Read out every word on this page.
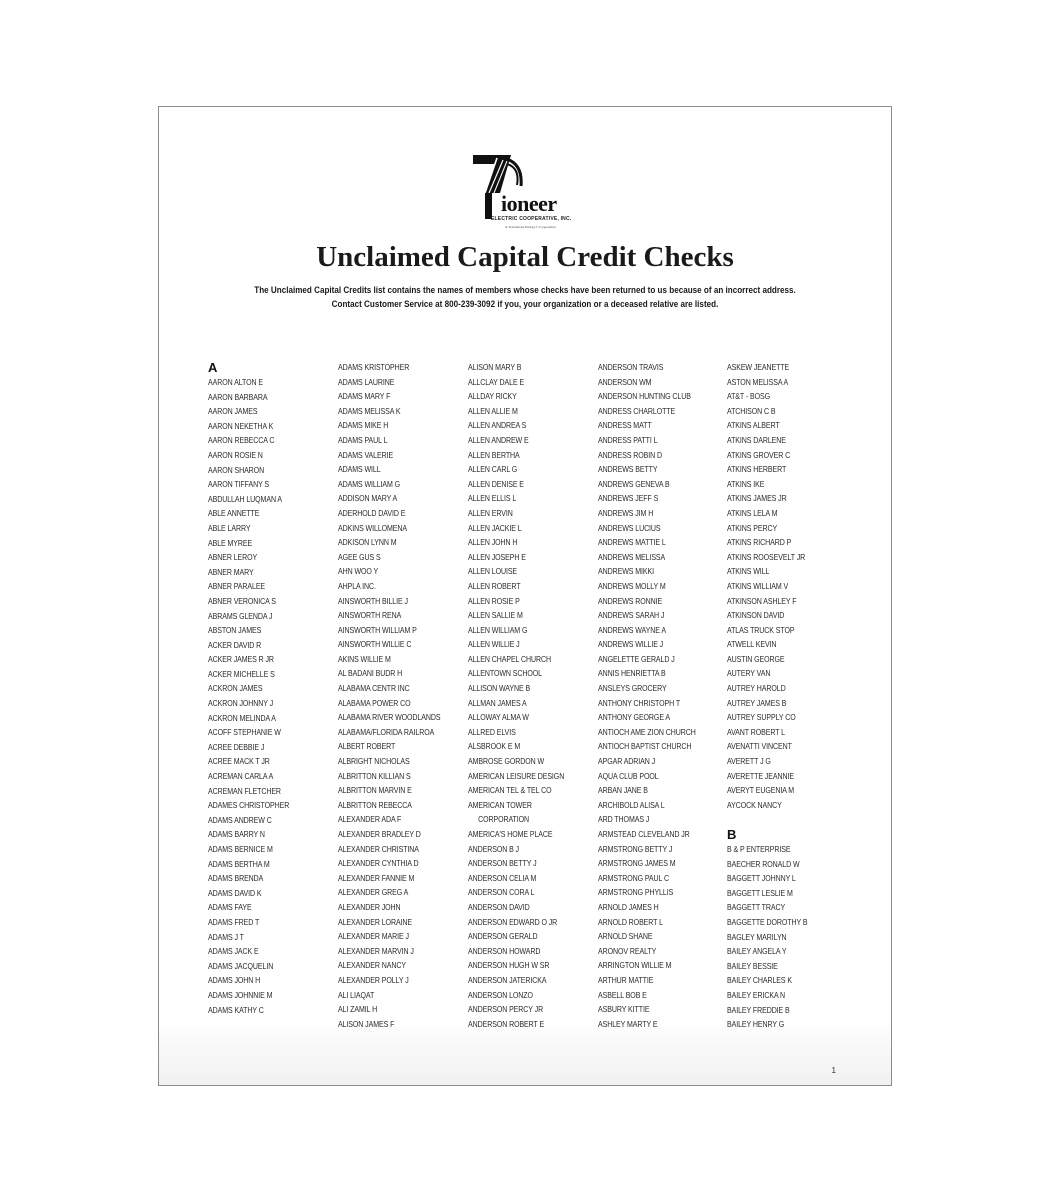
ioneer
ELECTRIC COOPERATIVE, INC.
A Touchstone Energy® Cooperative
Unclaimed Capital Credit Checks
The Unclaimed Capital Credits list contains the names of members whose checks have been returned to us because of an incorrect address.
Contact Customer Service at 800-239-3092 if you, your organization or a deceased relative are listed.
A
AARON ALTON E
AARON BARBARA
AARON JAMES
AARON NEKETHA K
AARON REBECCA C
AARON ROSIE N
AARON SHARON
AARON TIFFANY S
ABDULLAH LUQMAN A
ABLE ANNETTE
ABLE LARRY
ABLE MYREE
ABNER LEROY
ABNER MARY
ABNER PARALEE
ABNER VERONICA S
ABRAMS GLENDA J
ABSTON JAMES
ACKER DAVID R
ACKER JAMES R JR
ACKER MICHELLE S
ACKRON JAMES
ACKRON JOHNNY J
ACKRON MELINDA A
ACOFF STEPHANIE W
ACREE DEBBIE J
ACREE MACK T JR
ACREMAN CARLA A
ACREMAN FLETCHER
ADAMES CHRISTOPHER
ADAMS ANDREW C
ADAMS BARRY N
ADAMS BERNICE M
ADAMS BERTHA M
ADAMS BRENDA
ADAMS DAVID K
ADAMS FAYE
ADAMS FRED T
ADAMS J T
ADAMS JACK E
ADAMS JACQUELIN
ADAMS JOHN H
ADAMS JOHNNIE M
ADAMS KATHY C
ADAMS KRISTOPHER
ADAMS LAURINE
ADAMS MARY F
ADAMS MELISSA K
ADAMS MIKE H
ADAMS PAUL L
ADAMS VALERIE
ADAMS WILL
ADAMS WILLIAM G
ADDISON MARY A
ADERHOLD DAVID E
ADKINS WILLOMENA
ADKISON LYNN M
AGEE GUS S
AHN WOO Y
AHPLA INC.
AINSWORTH BILLIE J
AINSWORTH RENA
AINSWORTH WILLIAM P
AINSWORTH WILLIE C
AKINS WILLIE M
AL BADANI BUDR H
ALABAMA CENTR INC
ALABAMA POWER CO
ALABAMA RIVER WOODLANDS
ALABAMA/FLORIDA RAILROA
ALBERT ROBERT
ALBRIGHT NICHOLAS
ALBRITTON KILLIAN S
ALBRITTON MARVIN E
ALBRITTON REBECCA
ALEXANDER ADA F
ALEXANDER BRADLEY D
ALEXANDER CHRISTINA
ALEXANDER CYNTHIA D
ALEXANDER FANNIE M
ALEXANDER GREG A
ALEXANDER JOHN
ALEXANDER LORAINE
ALEXANDER MARIE J
ALEXANDER MARVIN J
ALEXANDER NANCY
ALEXANDER POLLY J
ALI LIAQAT
ALI ZAMIL H
ALISON JAMES F
ALISON MARY B
ALLCLAY DALE E
ALLDAY RICKY
ALLEN ALLIE M
ALLEN ANDREA S
ALLEN ANDREW E
ALLEN BERTHA
ALLEN CARL G
ALLEN DENISE E
ALLEN ELLIS L
ALLEN ERVIN
ALLEN JACKIE L
ALLEN JOHN H
ALLEN JOSEPH E
ALLEN LOUISE
ALLEN ROBERT
ALLEN ROSIE P
ALLEN SALLIE M
ALLEN WILLIAM G
ALLEN WILLIE J
ALLEN CHAPEL CHURCH
ALLENTOWN SCHOOL
ALLISON WAYNE B
ALLMAN JAMES A
ALLOWAY ALMA W
ALLRED ELVIS
ALSBROOK E M
AMBROSE GORDON W
AMERICAN LEISURE DESIGN
AMERICAN TEL & TEL CO
AMERICAN TOWER
CORPORATION
AMERICA'S HOME PLACE
ANDERSON B J
ANDERSON BETTY J
ANDERSON CELIA M
ANDERSON CORA L
ANDERSON DAVID
ANDERSON EDWARD O JR
ANDERSON GERALD
ANDERSON HOWARD
ANDERSON HUGH W SR
ANDERSON JATERICKA
ANDERSON LONZO
ANDERSON PERCY JR
ANDERSON ROBERT E
ANDERSON TRAVIS
ANDERSON WM
ANDERSON HUNTING CLUB
ANDRESS CHARLOTTE
ANDRESS MATT
ANDRESS PATTI L
ANDRESS ROBIN D
ANDREWS BETTY
ANDREWS GENEVA B
ANDREWS JEFF S
ANDREWS JIM H
ANDREWS LUCIUS
ANDREWS MATTIE L
ANDREWS MELISSA
ANDREWS MIKKI
ANDREWS MOLLY M
ANDREWS RONNIE
ANDREWS SARAH J
ANDREWS WAYNE A
ANDREWS WILLIE J
ANGELETTE GERALD J
ANNIS HENRIETTA B
ANSLEYS GROCERY
ANTHONY CHRISTOPH T
ANTHONY GEORGE A
ANTIOCH AME ZION CHURCH
ANTIOCH BAPTIST CHURCH
APGAR ADRIAN J
AQUA CLUB POOL
ARBAN JANE B
ARCHIBOLD ALISA L
ARD THOMAS J
ARMSTEAD CLEVELAND JR
ARMSTRONG BETTY J
ARMSTRONG JAMES M
ARMSTRONG PAUL C
ARMSTRONG PHYLLIS
ARNOLD JAMES H
ARNOLD ROBERT L
ARNOLD SHANE
ARONOV REALTY
ARRINGTON WILLIE M
ARTHUR MATTIE
ASBELL BOB E
ASBURY KITTIE
ASHLEY MARTY E
ASKEW JEANETTE
ASTON MELISSA A
AT&T - BOSG
ATCHISON C B
ATKINS ALBERT
ATKINS DARLENE
ATKINS GROVER C
ATKINS HERBERT
ATKINS IKE
ATKINS JAMES JR
ATKINS LELA M
ATKINS PERCY
ATKINS RICHARD P
ATKINS ROOSEVELT JR
ATKINS WILL
ATKINS WILLIAM V
ATKINSON ASHLEY F
ATKINSON DAVID
ATLAS TRUCK STOP
ATWELL KEVIN
AUSTIN GEORGE
AUTERY VAN
AUTREY HAROLD
AUTREY JAMES B
AUTREY SUPPLY CO
AVANT ROBERT L
AVENATTI VINCENT
AVERETT J G
AVERETTE JEANNIE
AVERYT EUGENIA M
AYCOCK NANCY
B
B & P ENTERPRISE
BAECHER RONALD W
BAGGETT JOHNNY L
BAGGETT LESLIE M
BAGGETT TRACY
BAGGETTE DOROTHY B
BAGLEY MARILYN
BAILEY ANGELA Y
BAILEY BESSIE
BAILEY CHARLES K
BAILEY ERICKA N
BAILEY FREDDIE B
BAILEY HENRY G
1
